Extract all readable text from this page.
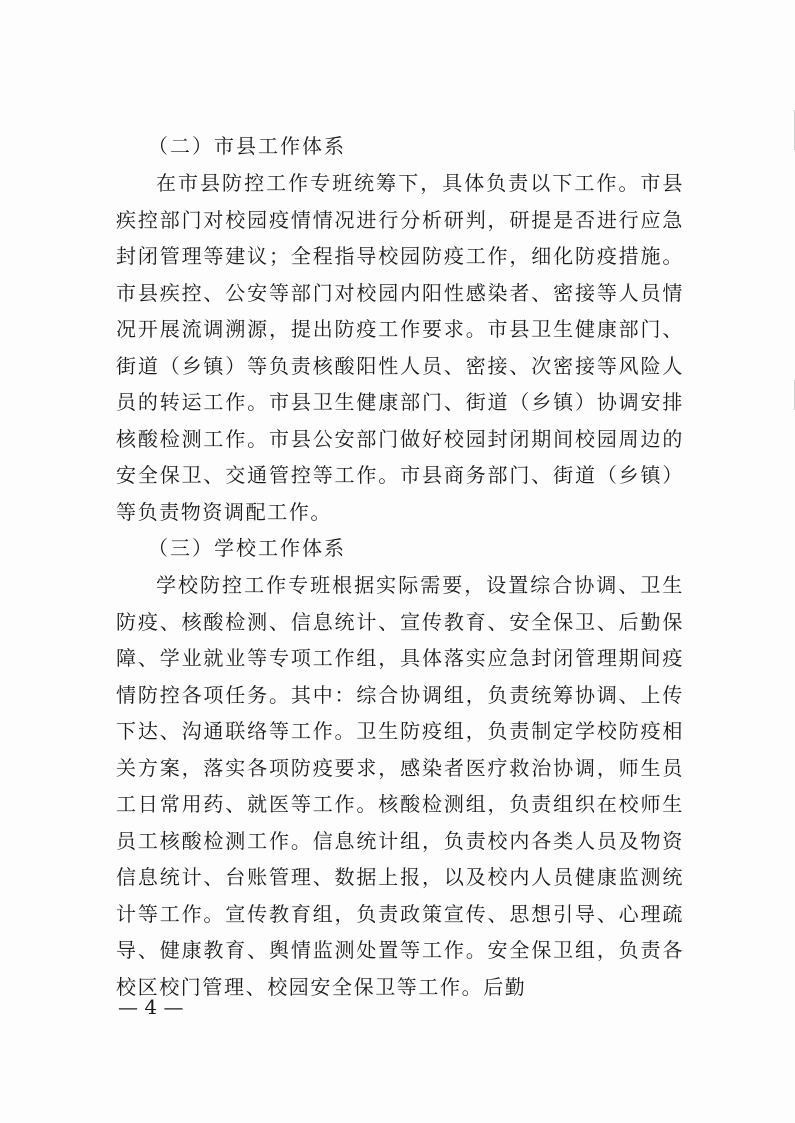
（二）市县工作体系

在市县防控工作专班统筹下，具体负责以下工作。市县疾控部门对校园疫情情况进行分析研判，研提是否进行应急封闭管理等建议；全程指导校园防疫工作，细化防疫措施。市县疾控、公安等部门对校园内阳性感染者、密接等人员情况开展流调溯源，提出防疫工作要求。市县卫生健康部门、街道（乡镇）等负责核酸阳性人员、密接、次密接等风险人员的转运工作。市县卫生健康部门、街道（乡镇）协调安排核酸检测工作。市县公安部门做好校园封闭期间校园周边的安全保卫、交通管控等工作。市县商务部门、街道（乡镇）等负责物资调配工作。

（三）学校工作体系

学校防控工作专班根据实际需要，设置综合协调、卫生防疫、核酸检测、信息统计、宣传教育、安全保卫、后勤保障、学业就业等专项工作组，具体落实应急封闭管理期间疫情防控各项任务。其中：综合协调组，负责统筹协调、上传下达、沟通联络等工作。卫生防疫组，负责制定学校防疫相关方案，落实各项防疫要求，感染者医疗救治协调，师生员工日常用药、就医等工作。核酸检测组，负责组织在校师生员工核酸检测工作。信息统计组，负责校内各类人员及物资信息统计、台账管理、数据上报，以及校内人员健康监测统计等工作。宣传教育组，负责政策宣传、思想引导、心理疏导、健康教育、舆情监测处置等工作。安全保卫组，负责各校区校门管理、校园安全保卫等工作。后勤

— 4 —
